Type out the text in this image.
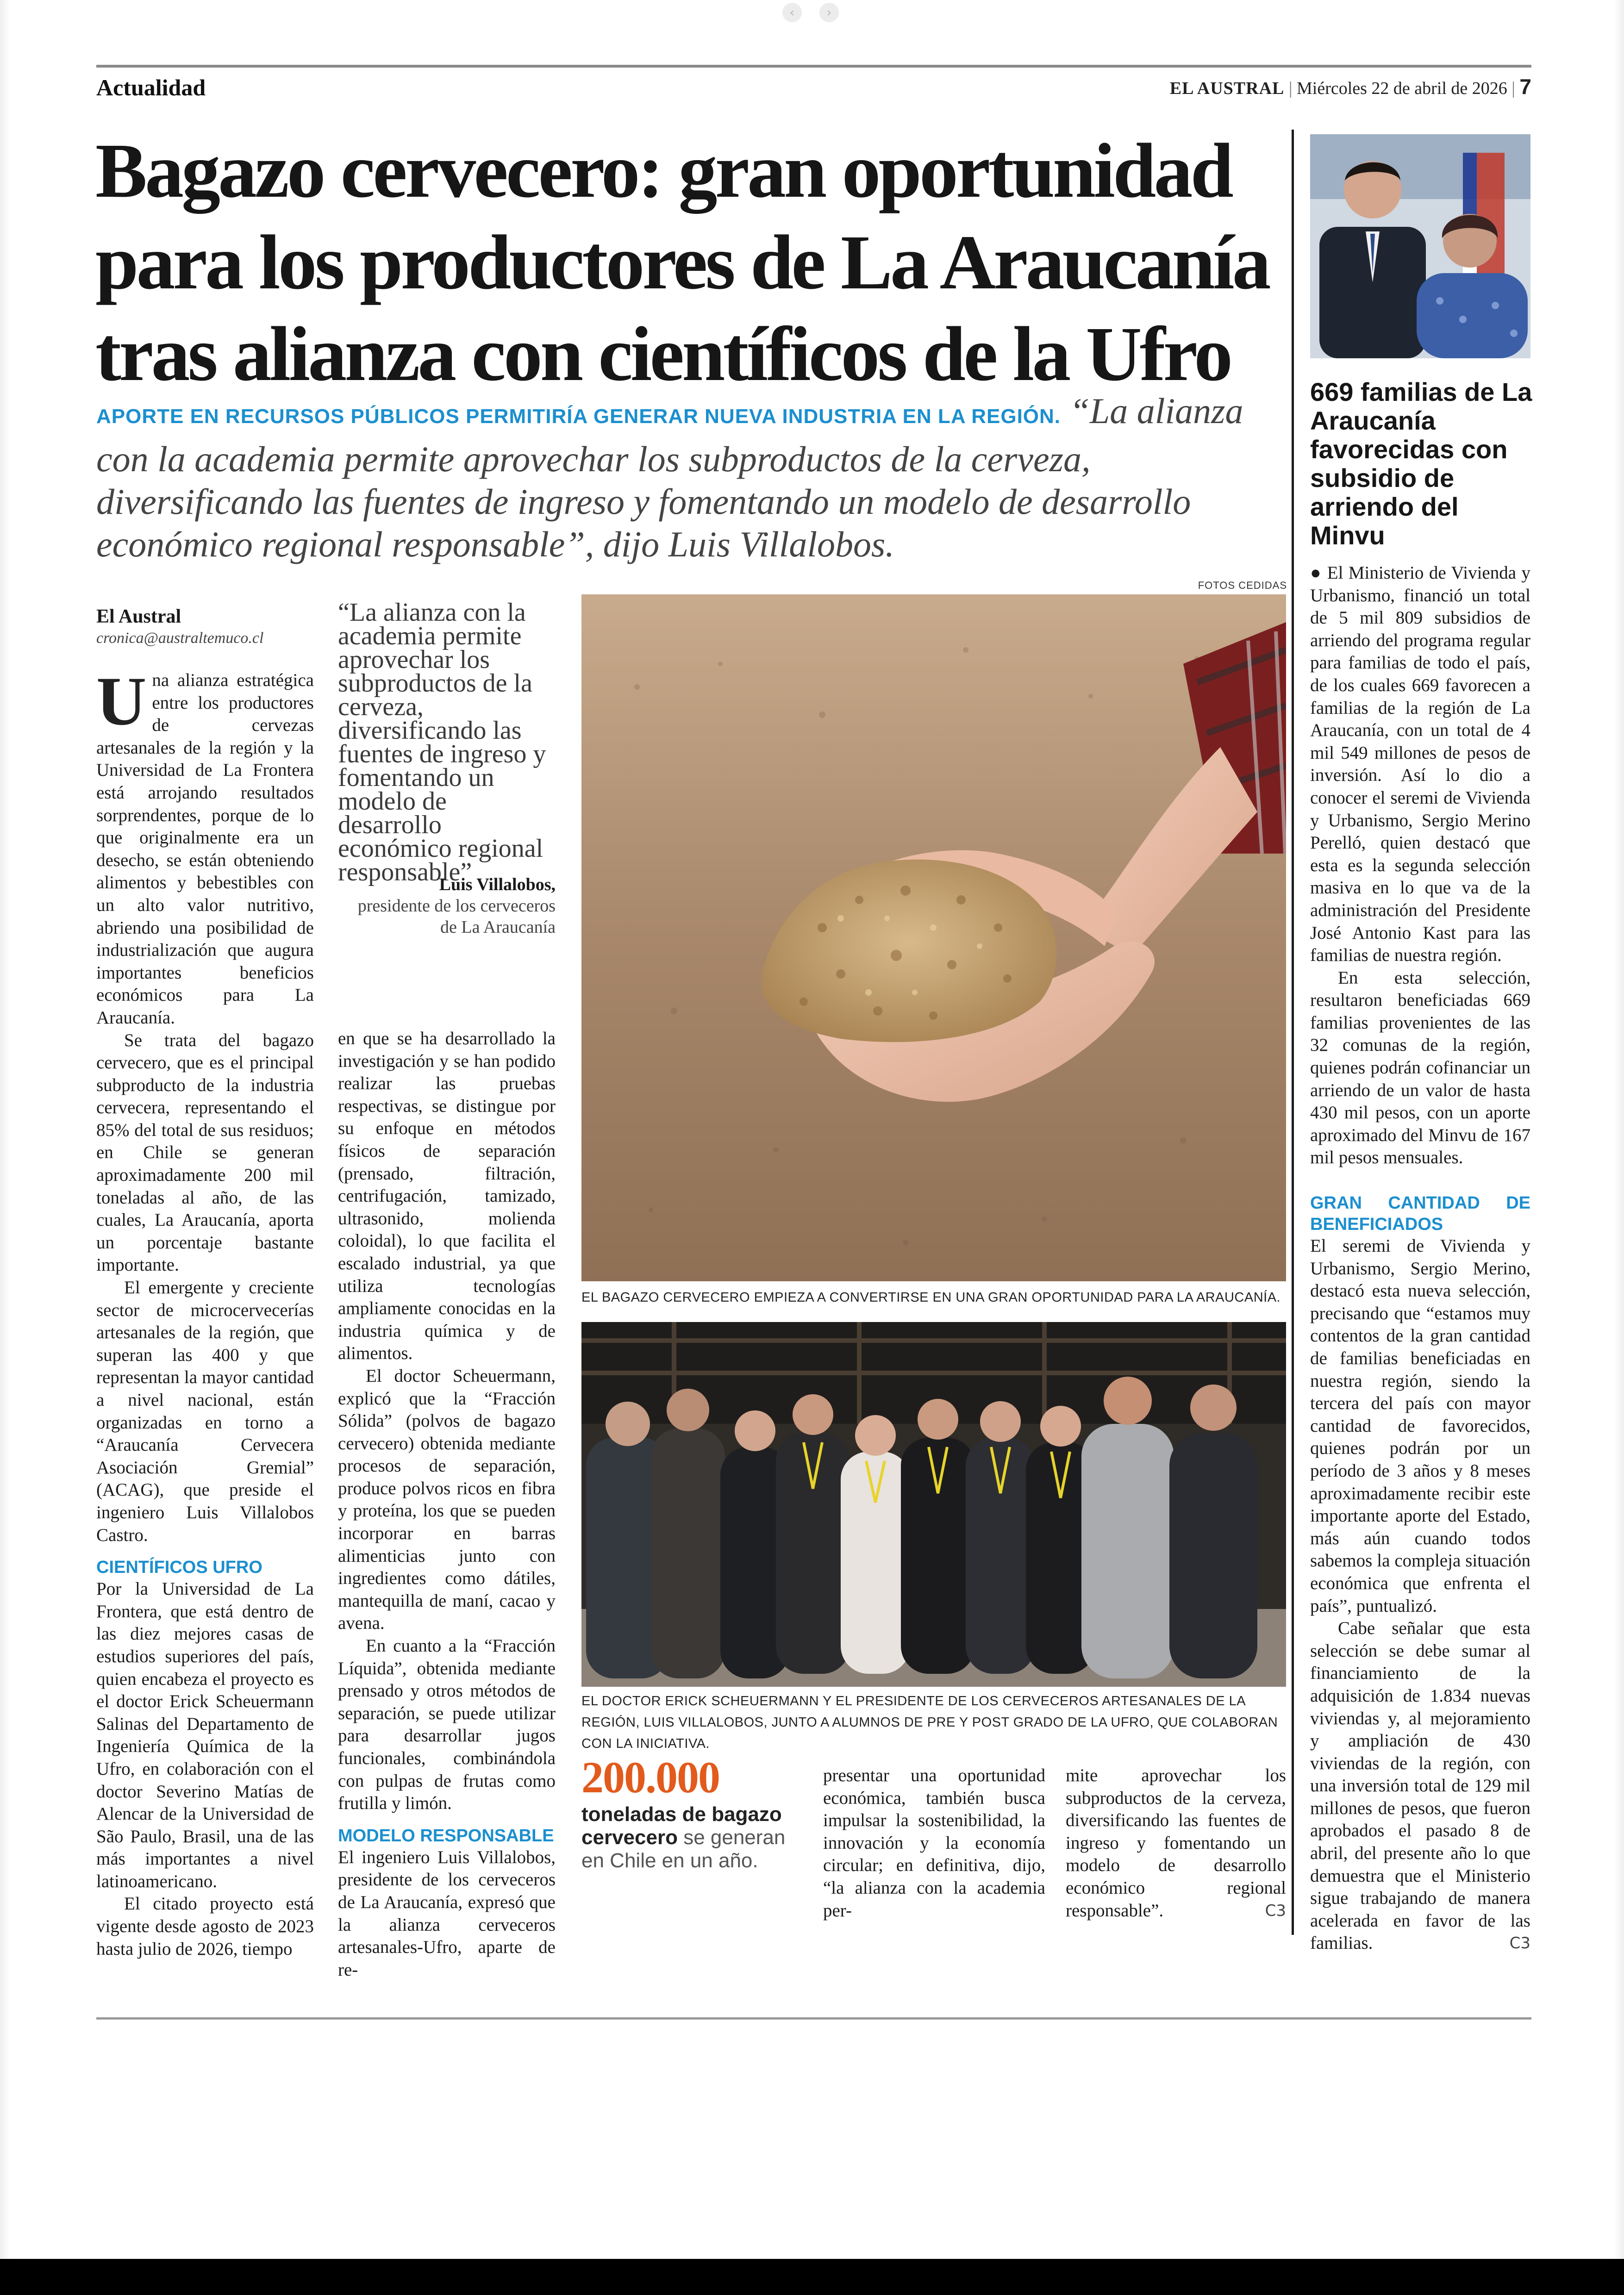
‹	›
Actualidad	EL AUSTRAL | Miércoles 22 de abril de 2026 | 7
Bagazo cervecero: gran oportunidad
para los productores de La Araucanía
tras alianza con científicos de la Ufro
APORTE EN RECURSOS PÚBLICOS PERMITIRÍA GENERAR NUEVA INDUSTRIA EN LA REGIÓN. “La alianza con la academia permite aprovechar los subproductos de la cerveza, diversificando las fuentes de ingreso y fomentando un modelo de desarrollo económico regional responsable”, dijo Luis Villalobos.
El Austral
cronica@australtemuco.cl

Una alianza estratégica entre los productores de cervezas artesanales de la región y la Universidad de La Frontera está arrojando resultados sorprendentes, porque de lo que originalmente era un desecho, se están obteniendo alimentos y bebestibles con un alto valor nutritivo, abriendo una posibilidad de industrialización que augura importantes beneficios económicos para La Araucanía.

Se trata del bagazo cervecero, que es el principal subproducto de la industria cervecera, representando el 85% del total de sus residuos; en Chile se generan aproximadamente 200 mil toneladas al año, de las cuales, La Araucanía, aporta un porcentaje bastante importante.

El emergente y creciente sector de microcervecerías artesanales de la región, que superan las 400 y que representan la mayor cantidad a nivel nacional, están organizadas en torno a “Araucanía Cervecera Asociación Gremial” (ACAG), que preside el ingeniero Luis Villalobos Castro.

CIENTÍFICOS UFRO

Por la Universidad de La Frontera, que está dentro de las diez mejores casas de estudios superiores del país, quien encabeza el proyecto es el doctor Erick Scheuermann Salinas del Departamento de Ingeniería Química de la Ufro, en colaboración con el doctor Severino Matías de Alencar de la Universidad de São Paulo, Brasil, una de las más importantes a nivel latinoamericano.

El citado proyecto está vigente desde agosto de 2023 hasta julio de 2026, tiempo

“La alianza con la academia permite aprovechar los subproductos de la cerveza, diversificando las fuentes de ingreso y fomentando un modelo de desarrollo económico regional responsable”
Luis Villalobos,
presidente de los cerveceros de La Araucanía

en que se ha desarrollado la investigación y se han podido realizar las pruebas respectivas, se distingue por su enfoque en métodos físicos de separación (prensado, filtración, centrifugación, tamizado, ultrasonido, molienda coloidal), lo que facilita el escalado industrial, ya que utiliza tecnologías ampliamente conocidas en la industria química y de alimentos.

El doctor Scheuermann, explicó que la “Fracción Sólida” (polvos de bagazo cervecero) obtenida mediante procesos de separación, produce polvos ricos en fibra y proteína, los que se pueden incorporar en barras alimenticias junto con ingredientes como dátiles, mantequilla de maní, cacao y avena.

En cuanto a la “Fracción Líquida”, obtenida mediante prensado y otros métodos de separación, se puede utilizar para desarrollar jugos funcionales, combinándola con pulpas de frutas como frutilla y limón.

MODELO RESPONSABLE

El ingeniero Luis Villalobos, presidente de los cerveceros de La Araucanía, expresó que la alianza cerveceros artesanales-Ufro, aparte de re-

FOTOS CEDIDAS
EL BAGAZO CERVECERO EMPIEZA A CONVERTIRSE EN UNA GRAN OPORTUNIDAD PARA LA ARAUCANÍA.
EL DOCTOR ERICK SCHEUERMANN Y EL PRESIDENTE DE LOS CERVECEROS ARTESANALES DE LA REGIÓN, LUIS VILLALOBOS, JUNTO A ALUMNOS DE PRE Y POST GRADO DE LA UFRO, QUE COLABORAN CON LA INICIATIVA.
200.000
toneladas de bagazo cervecero se generan en Chile en un año.

presentar una oportunidad económica, también busca impulsar la sostenibilidad, la innovación y la economía circular; en definitiva, dijo, “la alianza con la academia per-

mite aprovechar los subproductos de la cerveza, diversificando las fuentes de ingreso y fomentando un modelo de desarrollo económico regional responsable”.	C3

669 familias de La Araucanía favorecidas con subsidio de arriendo del Minvu

● El Ministerio de Vivienda y Urbanismo, financió un total de 5 mil 809 subsidios de arriendo del programa regular para familias de todo el país, de los cuales 669 favorecen a familias de la región de La Araucanía, con un total de 4 mil 549 millones de pesos de inversión. Así lo dio a conocer el seremi de Vivienda y Urbanismo, Sergio Merino Perelló, quien destacó que esta es la segunda selección masiva en lo que va de la administración del Presidente José Antonio Kast para las familias de nuestra región.

En esta selección, resultaron beneficiadas 669 familias provenientes de las 32 comunas de la región, quienes podrán cofinanciar un arriendo de un valor de hasta 430 mil pesos, con un aporte aproximado del Minvu de 167 mil pesos mensuales.

GRAN CANTIDAD DE BENEFICIADOS

El seremi de Vivienda y Urbanismo, Sergio Merino, destacó esta nueva selección, precisando que “estamos muy contentos de la gran cantidad de familias beneficiadas en nuestra región, siendo la tercera del país con mayor cantidad de favorecidos, quienes podrán por un período de 3 años y 8 meses aproximadamente recibir este importante aporte del Estado, más aún cuando todos sabemos la compleja situación económica que enfrenta el país”, puntualizó.

Cabe señalar que esta selección se debe sumar al financiamiento de la adquisición de 1.834 nuevas viviendas y, al mejoramiento y ampliación de 430 viviendas de la región, con una inversión total de 129 mil millones de pesos, que fueron aprobados el pasado 8 de abril, del presente año lo que demuestra que el Ministerio sigue trabajando de manera acelerada en favor de las familias.	C3
